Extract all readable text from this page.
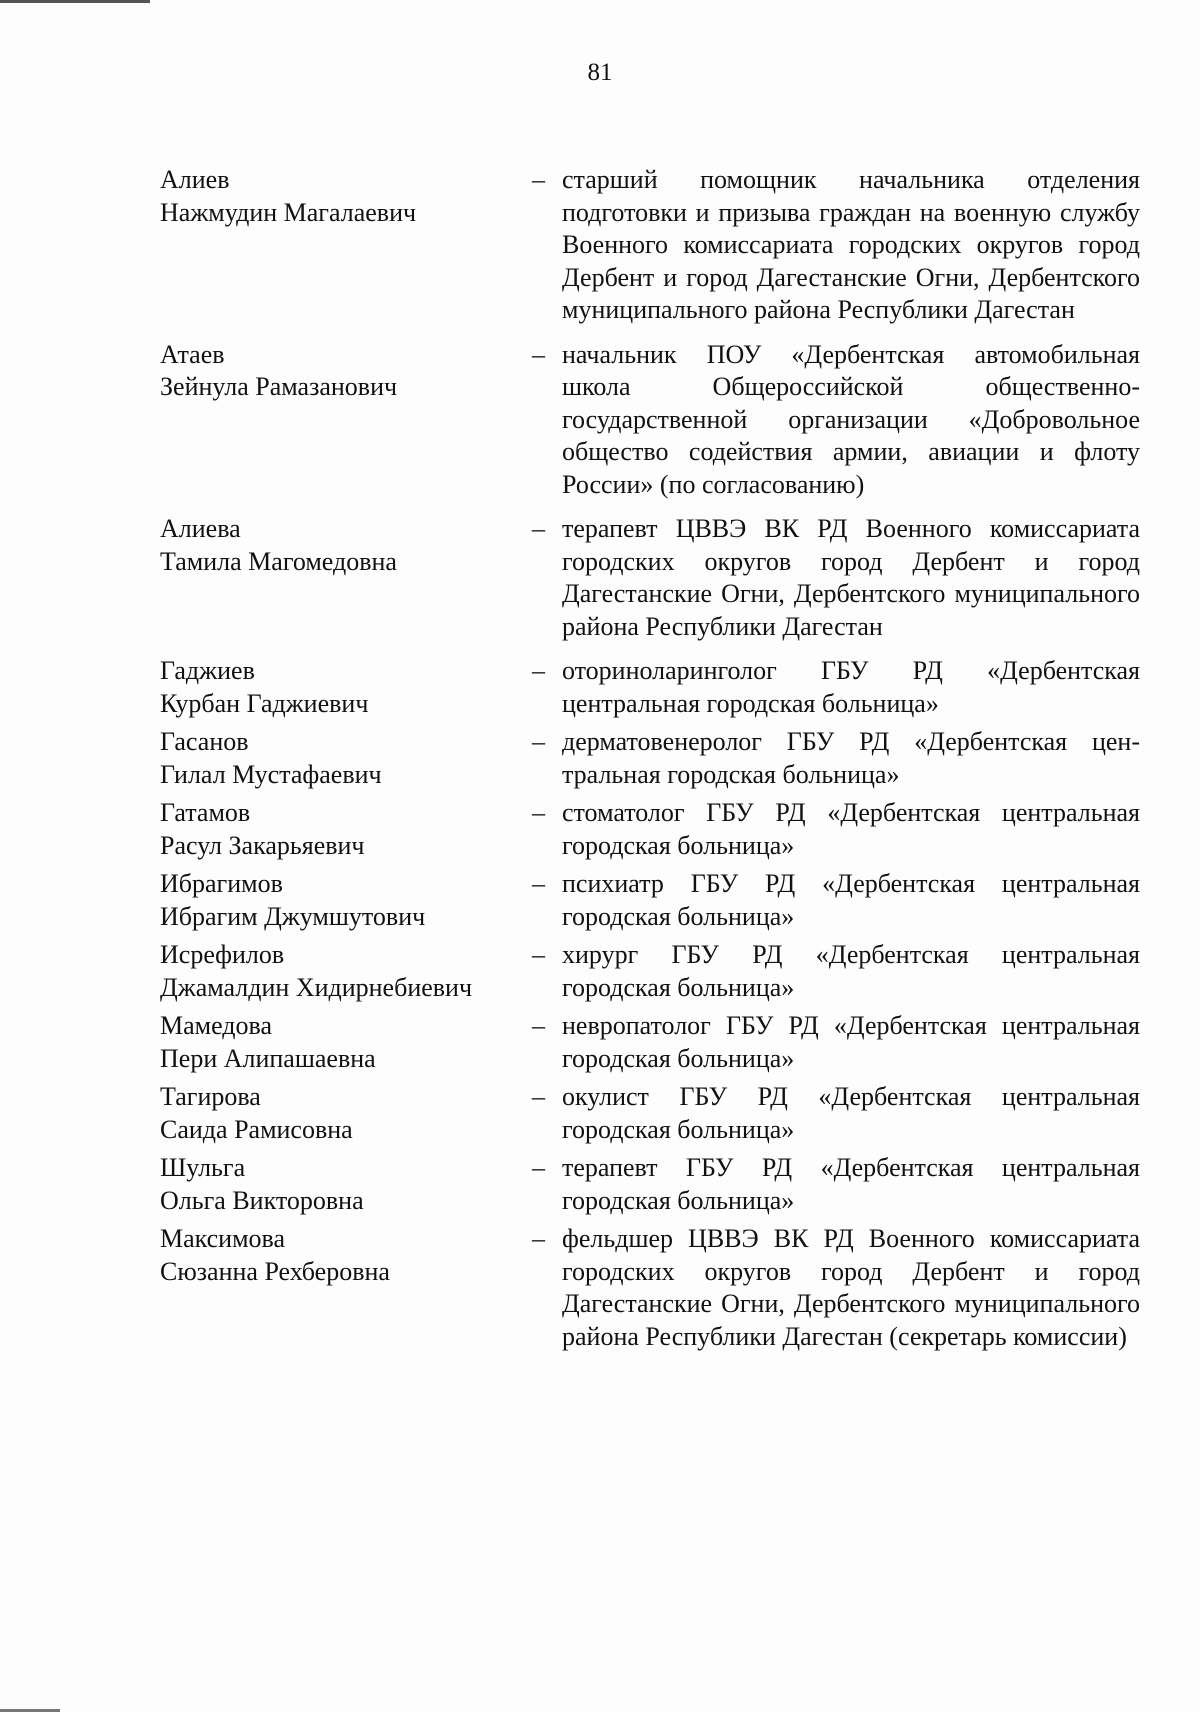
81
Алиев
Нажмудин Магалаевич
– старший помощник начальника отделения подготовки и призыва граждан на военную службу Военного комиссариата городских округов город Дербент и город Дагестанские Огни, Дербентского муниципального района Республики Дагестан
Атаев
Зейнула Рамазанович
– начальник ПОУ «Дербентская автомобильная школа Общероссийской общественно-государственной организации «Добровольное общество содействия армии, авиации и флоту России» (по согласованию)
Алиева
Тамила Магомедовна
– терапевт ЦВВЭ ВК РД Военного комиссариата городских округов город Дербент и город Дагестанские Огни, Дербентского муниципального района Республики Дагестан
Гаджиев
Курбан Гаджиевич
– оториноларинголог ГБУ РД «Дербентская центральная городская больница»
Гасанов
Гилал Мустафаевич
– дерматовенеролог ГБУ РД «Дербентская центральная городская больница»
Гатамов
Расул Закарьяевич
– стоматолог ГБУ РД «Дербентская центральная городская больница»
Ибрагимов
Ибрагим Джумшутович
– психиатр ГБУ РД «Дербентская центральная городская больница»
Исрефилов
Джамалдин Хидирнебиевич
– хирург ГБУ РД «Дербентская центральная городская больница»
Мамедова
Пери Алипашаевна
– невропатолог ГБУ РД «Дербентская центральная городская больница»
Тагирова
Саида Рамисовна
– окулист ГБУ РД «Дербентская центральная городская больница»
Шульга
Ольга Викторовна
– терапевт ГБУ РД «Дербентская центральная городская больница»
Максимова
Сюзанна Рехберовна
– фельдшер ЦВВЭ ВК РД Военного комиссариата городских округов город Дербент и город Дагестанские Огни, Дербентского муниципального района Республики Дагестан (секретарь комиссии)
